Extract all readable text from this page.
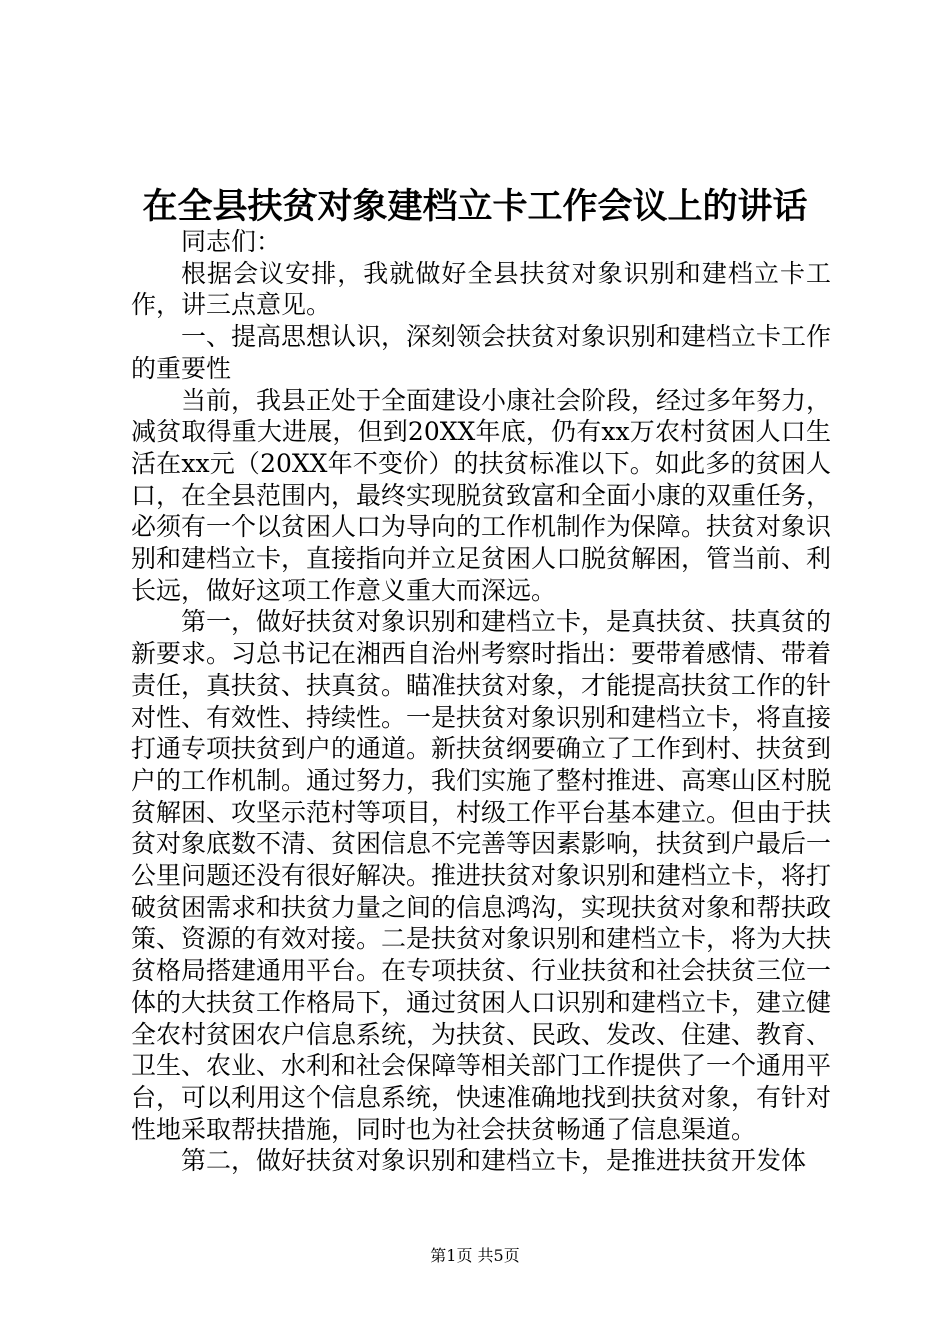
在全县扶贫对象建档立卡工作会议上的讲话

同志们：

根据会议安排，我就做好全县扶贫对象识别和建档立卡工作，讲三点意见。

一、提高思想认识，深刻领会扶贫对象识别和建档立卡工作的重要性

当前，我县正处于全面建设小康社会阶段，经过多年努力，减贫取得重大进展，但到20XX年底，仍有xx万农村贫困人口生活在xx元（20XX年不变价）的扶贫标准以下。如此多的贫困人口，在全县范围内，最终实现脱贫致富和全面小康的双重任务，必须有一个以贫困人口为导向的工作机制作为保障。扶贫对象识别和建档立卡，直接指向并立足贫困人口脱贫解困，管当前、利长远，做好这项工作意义重大而深远。

第一，做好扶贫对象识别和建档立卡，是真扶贫、扶真贫的新要求。习总书记在湘西自治州考察时指出：要带着感情、带着责任，真扶贫、扶真贫。瞄准扶贫对象，才能提高扶贫工作的针对性、有效性、持续性。一是扶贫对象识别和建档立卡，将直接打通专项扶贫到户的通道。新扶贫纲要确立了工作到村、扶贫到户的工作机制。通过努力，我们实施了整村推进、高寒山区村脱贫解困、攻坚示范村等项目，村级工作平台基本建立。但由于扶贫对象底数不清、贫困信息不完善等因素影响，扶贫到户最后一公里问题还没有很好解决。推进扶贫对象识别和建档立卡，将打破贫困需求和扶贫力量之间的信息鸿沟，实现扶贫对象和帮扶政策、资源的有效对接。二是扶贫对象识别和建档立卡，将为大扶贫格局搭建通用平台。在专项扶贫、行业扶贫和社会扶贫三位一体的大扶贫工作格局下，通过贫困人口识别和建档立卡，建立健全农村贫困农户信息系统，为扶贫、民政、发改、住建、教育、卫生、农业、水利和社会保障等相关部门工作提供了一个通用平台，可以利用这个信息系统，快速准确地找到扶贫对象，有针对性地采取帮扶措施，同时也为社会扶贫畅通了信息渠道。

第二，做好扶贫对象识别和建档立卡，是推进扶贫开发体

第1页 共5页
